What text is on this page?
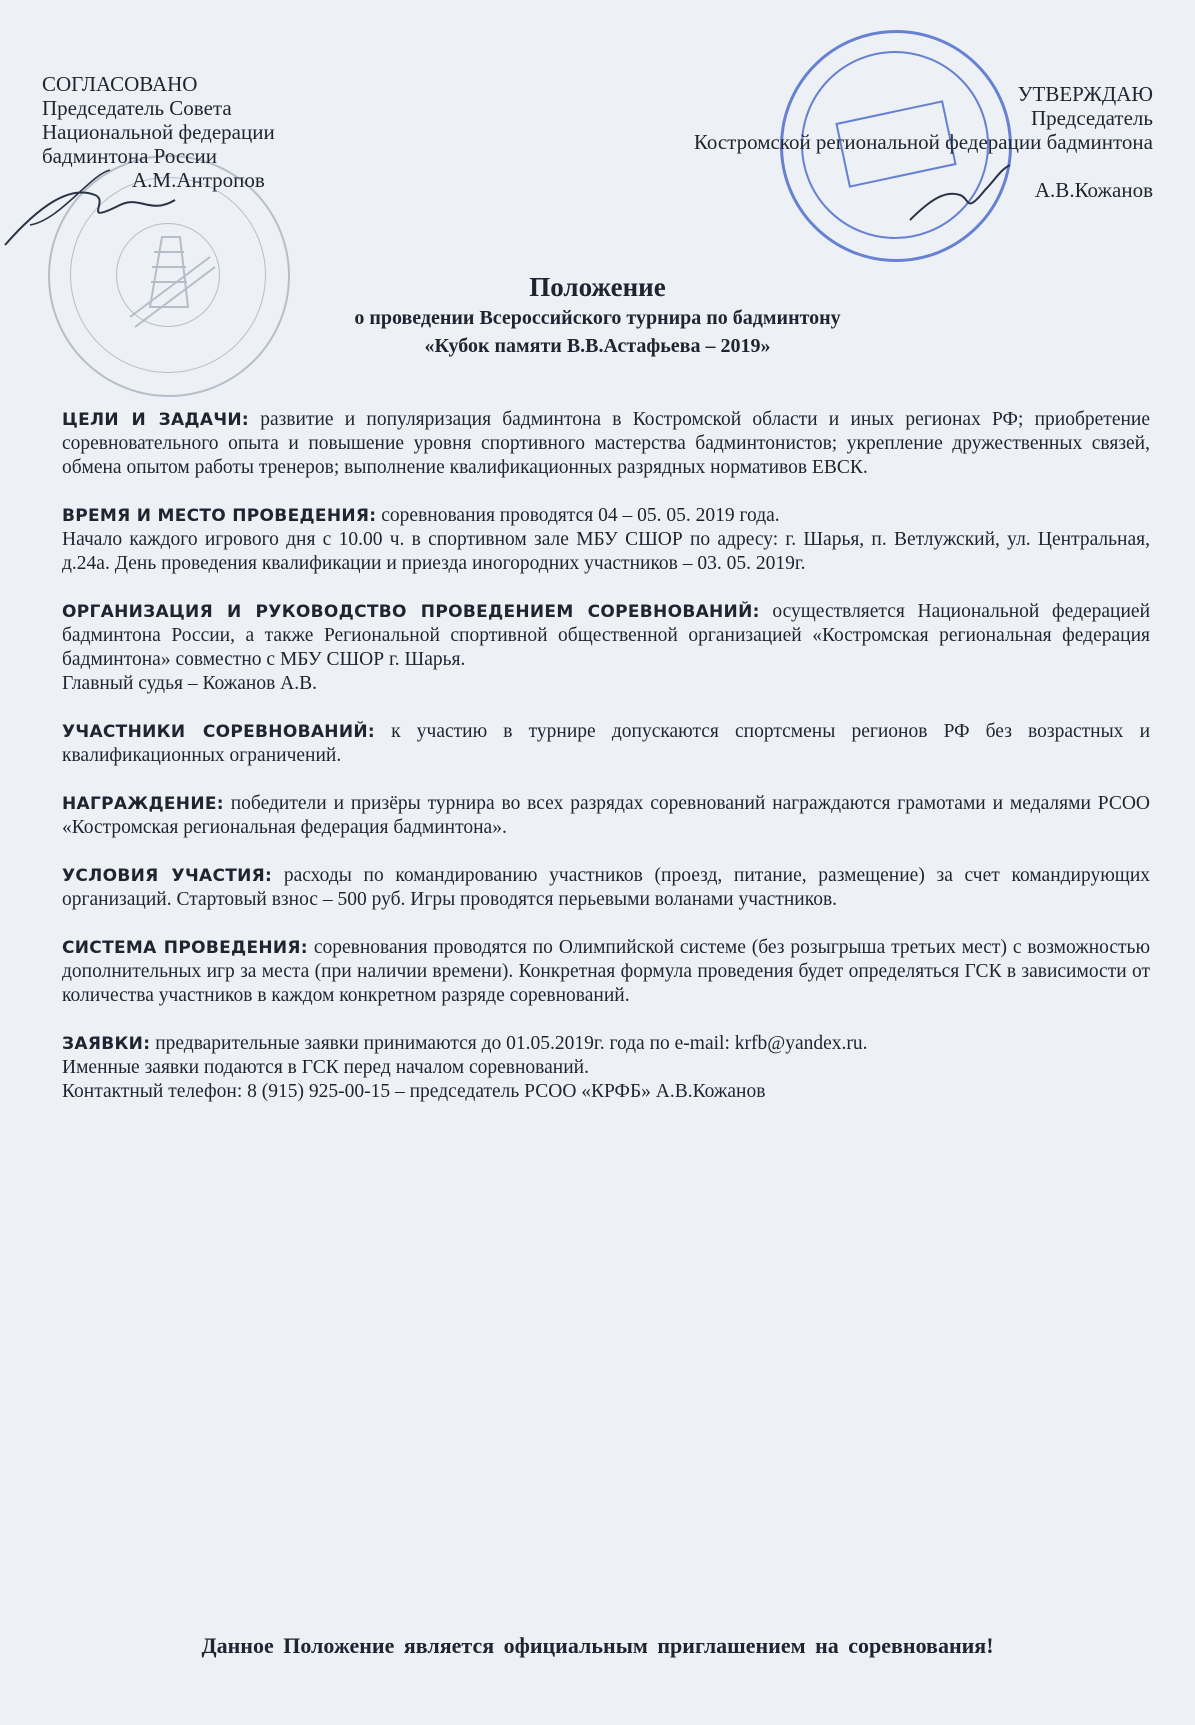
СОГЛАСОВАНО
Председатель Совета
Национальной федерации
бадминтона России
А.М.Антропов
УТВЕРЖДАЮ
Председатель
Костромской региональной федерации бадминтона
А.В.Кожанов
Положение
о проведении Всероссийского турнира по бадминтону
«Кубок памяти В.В.Астафьева – 2019»

ЦЕЛИ И ЗАДАЧИ: развитие и популяризация бадминтона в Костромской области и иных регионах РФ; приобретение соревновательного опыта и повышение уровня спортивного мастерства бадминтонистов; укрепление дружественных связей, обмена опытом работы тренеров; выполнение квалификационных разрядных нормативов ЕВСК.

ВРЕМЯ И МЕСТО ПРОВЕДЕНИЯ: соревнования проводятся 04 – 05. 05. 2019 года.
Начало каждого игрового дня с 10.00 ч. в спортивном зале МБУ СШОР по адресу: г. Шарья, п. Ветлужский, ул. Центральная, д.24а. День проведения квалификации и приезда иногородних участников – 03. 05. 2019г.

ОРГАНИЗАЦИЯ И РУКОВОДСТВО ПРОВЕДЕНИЕМ СОРЕВНОВАНИЙ: осуществляется Национальной федерацией бадминтона России, а также Региональной спортивной общественной организацией «Костромская региональная федерация бадминтона» совместно с МБУ СШОР г. Шарья.
Главный судья – Кожанов А.В.

УЧАСТНИКИ СОРЕВНОВАНИЙ: к участию в турнире допускаются спортсмены регионов РФ без возрастных и квалификационных ограничений.

НАГРАЖДЕНИЕ: победители и призёры турнира во всех разрядах соревнований награждаются грамотами и медалями РСОО «Костромская региональная федерация бадминтона».

УСЛОВИЯ УЧАСТИЯ: расходы по командированию участников (проезд, питание, размещение) за счет командирующих организаций. Стартовый взнос – 500 руб. Игры проводятся перьевыми воланами участников.

СИСТЕМА ПРОВЕДЕНИЯ: соревнования проводятся по Олимпийской системе (без розыгрыша третьих мест) с возможностью дополнительных игр за места (при наличии времени). Конкретная формула проведения будет определяться ГСК в зависимости от количества участников в каждом конкретном разряде соревнований.

ЗАЯВКИ: предварительные заявки принимаются до 01.05.2019г. года по e-mail: krfb@yandex.ru.
Именные заявки подаются в ГСК перед началом соревнований.
Контактный телефон: 8 (915) 925-00-15 – председатель РСОО «КРФБ» А.В.Кожанов

Данное Положение является официальным приглашением на соревнования!
